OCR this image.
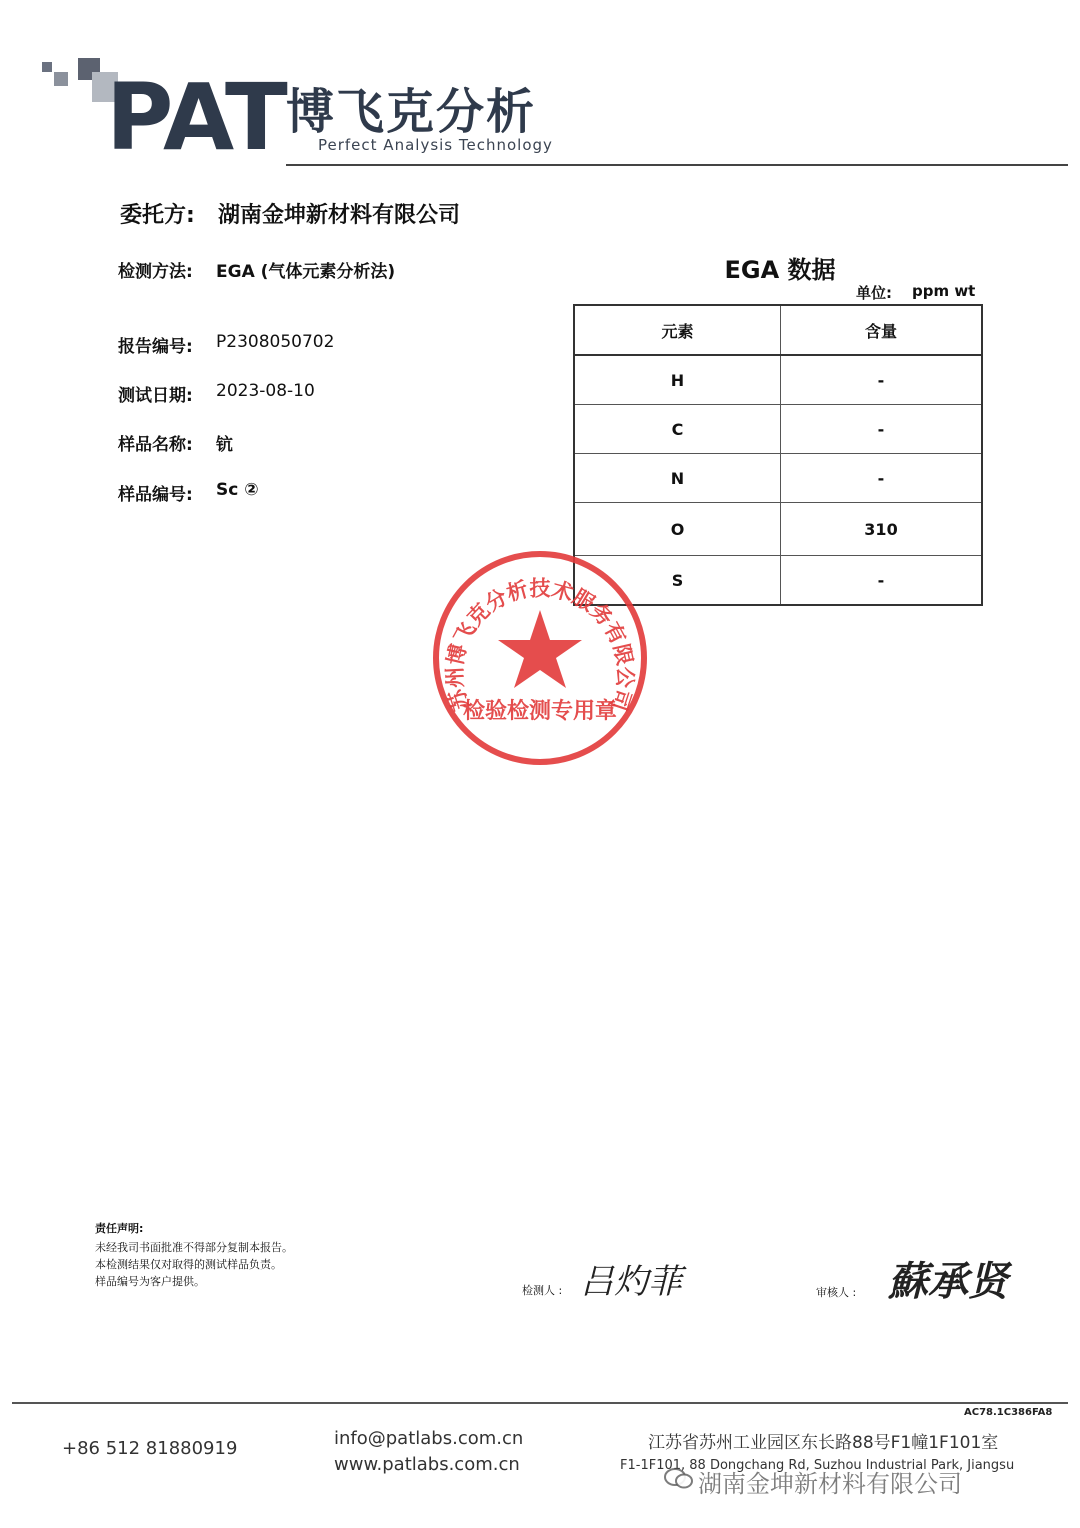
PAT 博飞克分析
Perfect Analysis Technology
委托方: 湖南金坤新材料有限公司
检测方法: EGA (气体元素分析法)
报告编号: P2308050702
测试日期: 2023-08-10
样品名称: 钪
样品编号: Sc ②
EGA 数据
单位: ppm wt
元素	含量
H	-
C	-
N	-
O	310
S	-
苏州博飞克分析技术服务有限公司
检验检测专用章
责任声明:
未经我司书面批准不得部分复制本报告。
本检测结果仅对取得的测试样品负责。
样品编号为客户提供。
检测人 : 吕灼菲	审核人 : 蘇承贤
AC78.1C386FA8
+86 512 81880919	info@patlabs.com.cn
www.patlabs.com.cn
江苏省苏州工业园区东长路88号F1幢1F101室
F1-1F101, 88 Dongchang Rd, Suzhou Industrial Park, Jiangsu
湖南金坤新材料有限公司
